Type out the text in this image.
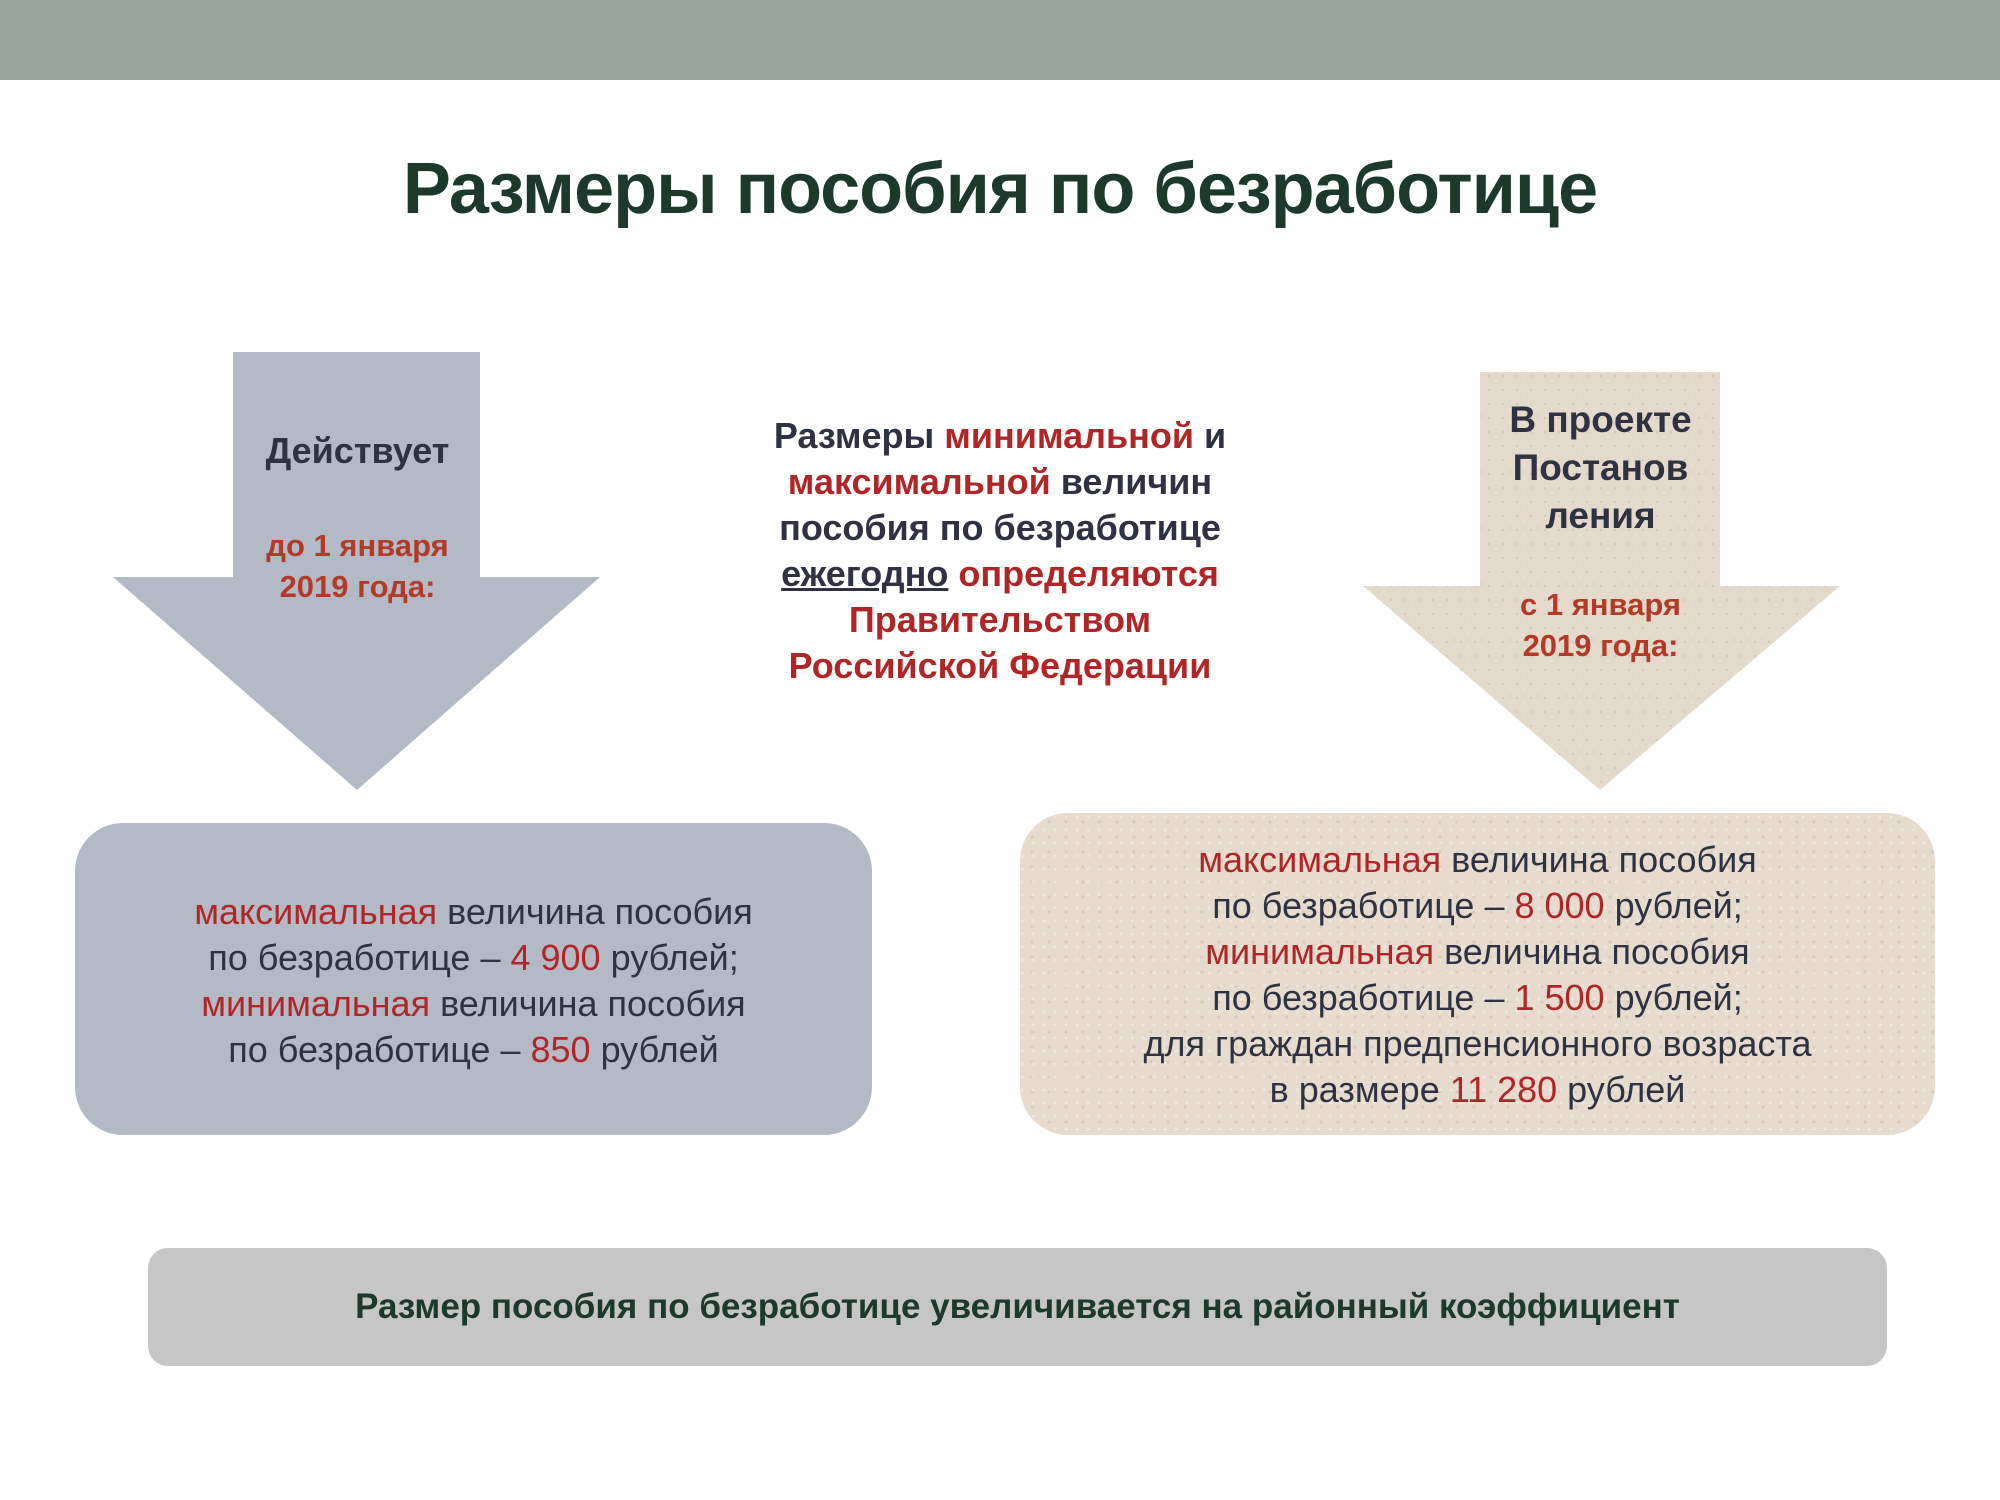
Размеры пособия по безработице
Действует
до 1 января
2019 года:
В проекте
Постанов
ления
с 1 января
2019 года:
Размеры минимальной и
максимальной величин
пособия по безработице
ежегодно определяются
Правительством
Российской Федерации
максимальная величина пособия
по безработице – 4 900 рублей;
минимальная величина пособия
по безработице – 850 рублей
максимальная величина пособия
по безработице – 8 000 рублей;
минимальная величина пособия
по безработице – 1 500 рублей;
для граждан предпенсионного возраста
в размере 11 280 рублей
Размер пособия по безработице увеличивается на районный коэффициент
